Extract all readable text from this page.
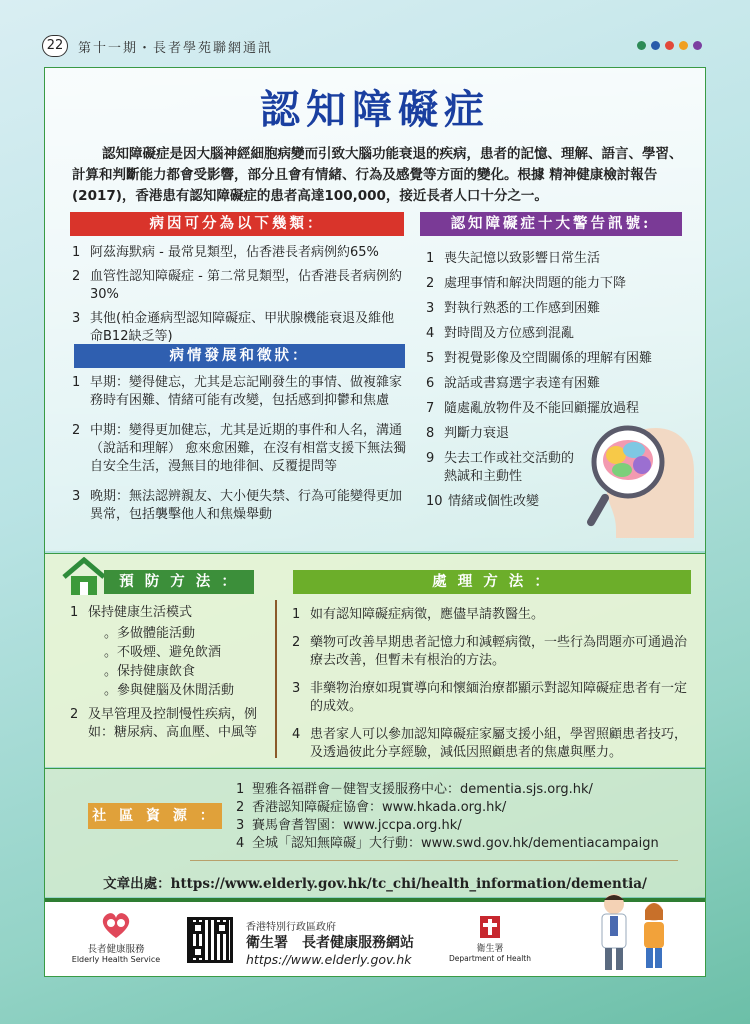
22	第十一期・長者學苑聯網通訊
認知障礙症
認知障礙症是因大腦神經細胞病變而引致大腦功能衰退的疾病，患者的記憶、理解、語言、學習、計算和判斷能力都會受影響，部分且會有情緒、行為及感覺等方面的變化。根據 精神健康檢討報告 (2017)，香港患有認知障礙症的患者高達100,000，接近長者人口十分之一。
病因可分為以下幾類：
1 阿茲海默病 - 最常見類型，佔香港長者病例約65%
2 血管性認知障礙症 - 第二常見類型，佔香港長者病例約30%
3 其他(柏金遜病型認知障礙症、甲狀腺機能衰退及維他命B12缺乏等)
病情發展和徵狀：
1 早期：變得健忘，尤其是忘記剛發生的事情、做複雜家務時有困難、情緒可能有改變，包括感到抑鬱和焦慮
2 中期：變得更加健忘，尤其是近期的事件和人名，溝通（說話和理解） 愈來愈困難，在沒有相當支援下無法獨自安全生活，漫無目的地徘徊、反覆提問等
3 晚期：無法認辨親友、大小便失禁、行為可能變得更加異常，包括襲擊他人和焦燥舉動
認知障礙症十大警告訊號:
1 喪失記憶以致影響日常生活
2 處理事情和解決問題的能力下降
3 對執行熟悉的工作感到困難
4 對時間及方位感到混亂
5 對視覺影像及空間關係的理解有困難
6 說話或書寫選字表達有困難
7 隨處亂放物件及不能回顧擺放過程
8 判斷力衰退
9 失去工作或社交活動的熱誠和主動性
10 情緒或個性改變
預 防 方 法 ：
1 保持健康生活模式
。多做體能活動
。不吸煙、避免飲酒
。保持健康飲食
。參與健腦及休閒活動
2 及早管理及控制慢性疾病，例如：糖尿病、高血壓、中風等
處 理 方 法 ：
1 如有認知障礙症病徵，應儘早請教醫生。
2 藥物可改善早期患者記憶力和減輕病徵，一些行為問題亦可通過治療去改善，但暫未有根治的方法。
3 非藥物治療如現實導向和懷緬治療都顯示對認知障礙症患者有一定的成效。
4 患者家人可以參加認知障礙症家屬支援小組，學習照顧患者技巧，及透過彼此分享經驗，減低因照顧患者的焦慮與壓力。
社 區 資 源 ：
1 聖雅各福群會－健智支援服務中心：dementia.sjs.org.hk/
2 香港認知障礙症協會：www.hkada.org.hk/
3 賽馬會耆智園：www.jccpa.org.hk/
4 全城「認知無障礙」大行動：www.swd.gov.hk/dementiacampaign
文章出處：https://www.elderly.gov.hk/tc_chi/health_information/dementia/
長者健康服務
Elderly Health Service
香港特別行政區政府
衛生署　長者健康服務網站
https://www.elderly.gov.hk
衛生署
Department of Health
